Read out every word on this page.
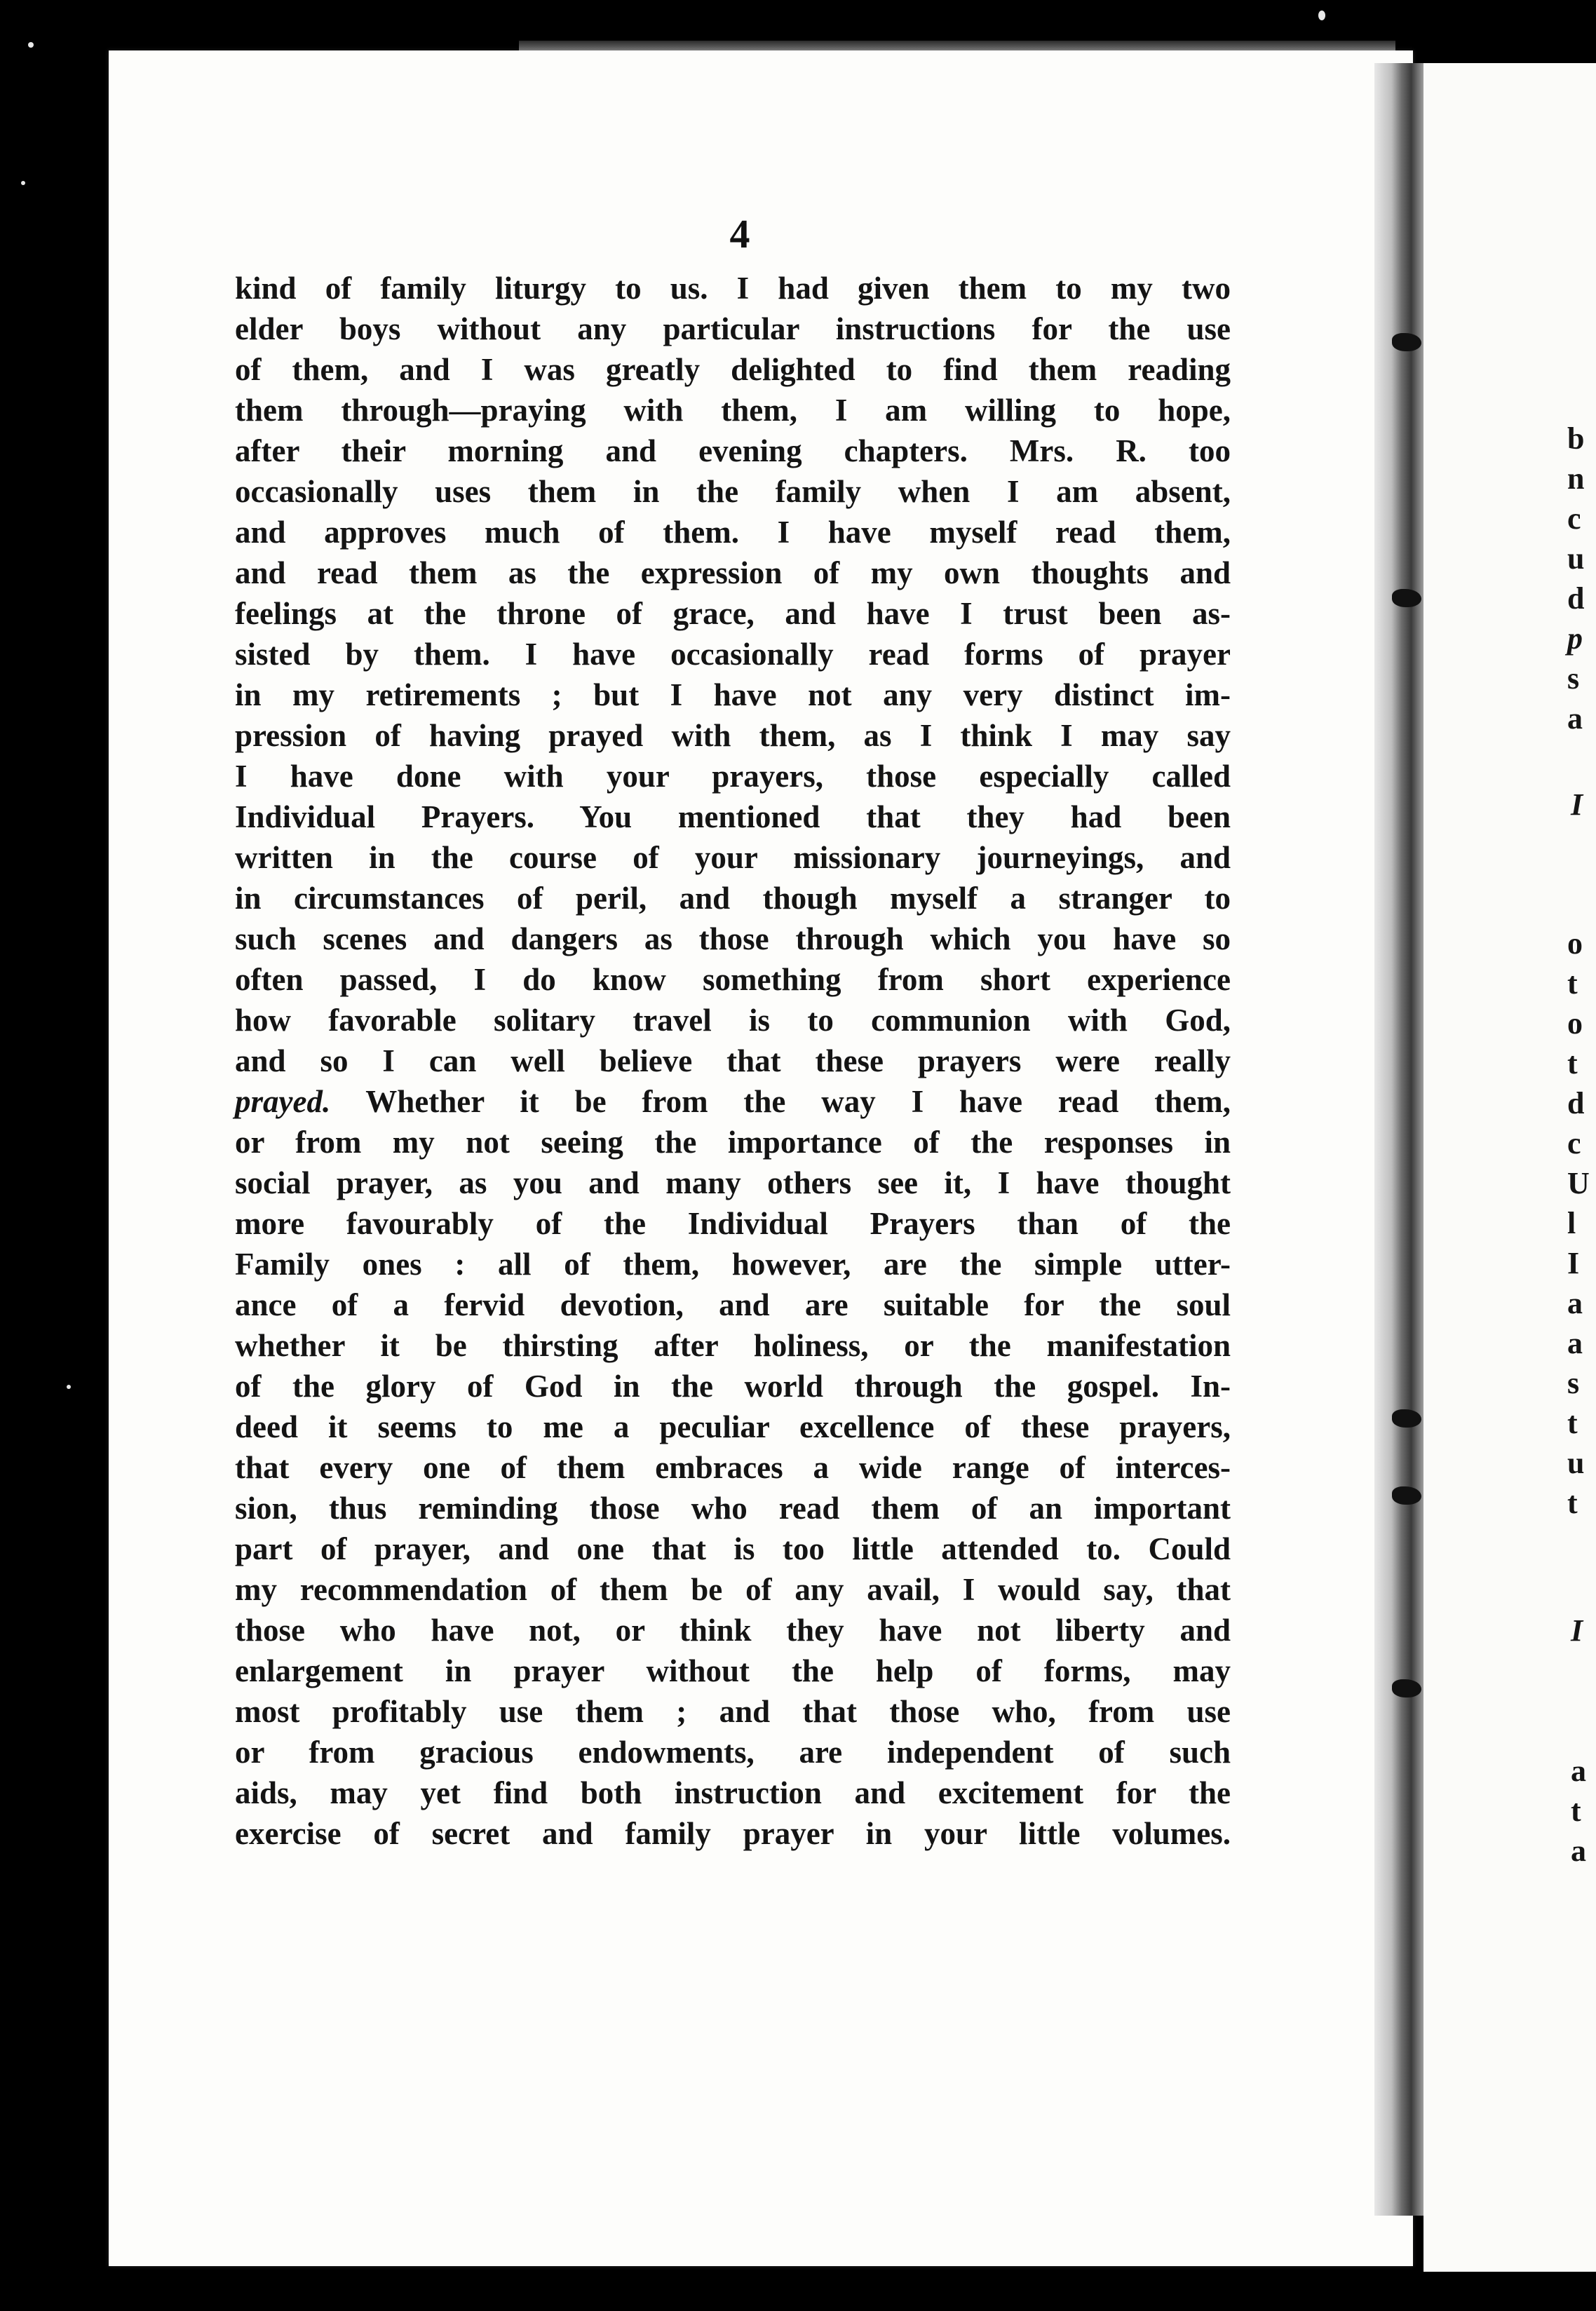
4
kind of family liturgy to us. I had given them to my two
elder boys without any particular instructions for the use
of them, and I was greatly delighted to find them reading
them through—praying with them, I am willing to hope,
after their morning and evening chapters. Mrs. R. too
occasionally uses them in the family when I am absent,
and approves much of them. I have myself read them,
and read them as the expression of my own thoughts and
feelings at the throne of grace, and have I trust been as-
sisted by them. I have occasionally read forms of prayer
in my retirements ; but I have not any very distinct im-
pression of having prayed with them, as I think I may say
I have done with your prayers, those especially called
Individual Prayers. You mentioned that they had been
written in the course of your missionary journeyings, and
in circumstances of peril, and though myself a stranger to
such scenes and dangers as those through which you have so
often passed, I do know something from short experience
how favorable solitary travel is to communion with God,
and so I can well believe that these prayers were really
prayed. Whether it be from the way I have read them,
or from my not seeing the importance of the responses in
social prayer, as you and many others see it, I have thought
more favourably of the Individual Prayers than of the
Family ones : all of them, however, are the simple utter-
ance of a fervid devotion, and are suitable for the soul
whether it be thirsting after holiness, or the manifestation
of the glory of God in the world through the gospel. In-
deed it seems to me a peculiar excellence of these prayers,
that every one of them embraces a wide range of interces-
sion, thus reminding those who read them of an important
part of prayer, and one that is too little attended to. Could
my recommendation of them be of any avail, I would say, that
those who have not, or think they have not liberty and
enlargement in prayer without the help of forms, may
most profitably use them ; and that those who, from use
or from gracious endowments, are independent of such
aids, may yet find both instruction and excitement for the
exercise of secret and family prayer in your little volumes.
b
n
c
u
d
p
s
a
I
o
t
o
t
d
c
U
l
I
a
a
s
t
u
t
I
a
t
a
